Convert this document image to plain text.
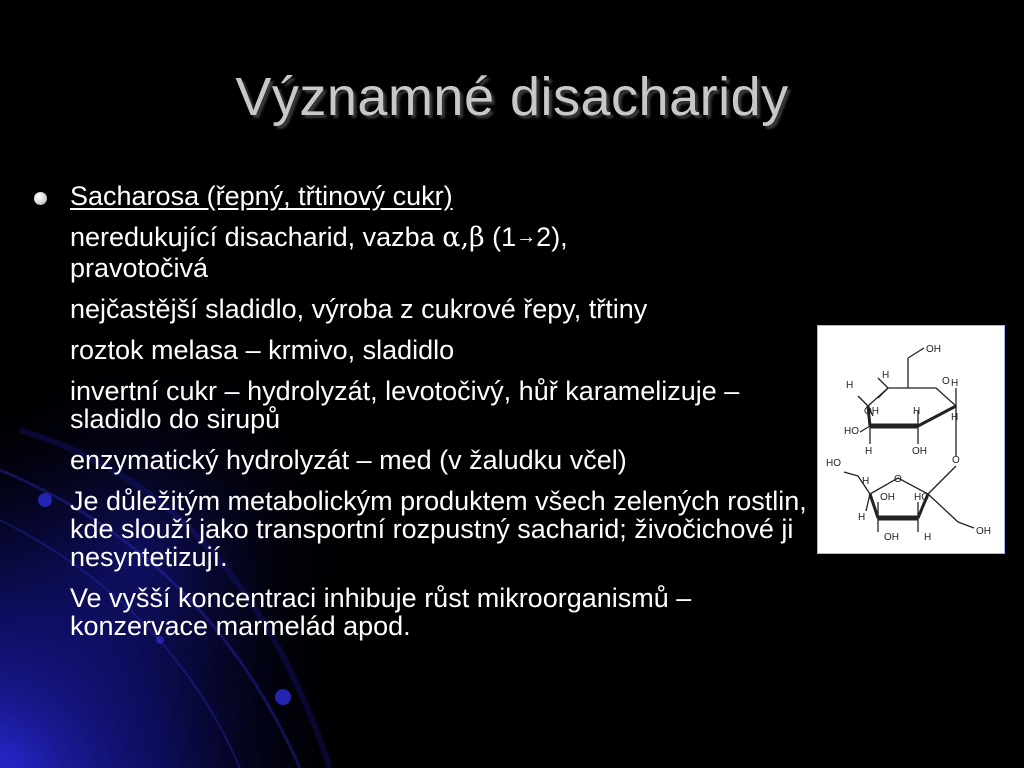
Významné disacharidy
Sacharosa (řepný, třtinový cukr)
neredukující disacharid, vazba α,β (1→2),
pravotočivá
nejčastější sladidlo, výroba z cukrové řepy, třtiny
roztok melasa – krmivo, sladidlo
invertní cukr – hydrolyzát, levotočivý, hůř karamelizuje – sladidlo do sirupů
enzymatický hydrolyzát – med (v žaludku včel)
Je důležitým metabolickým produktem všech zelených rostlin, kde slouží jako transportní rozpustný sacharid; živočichové ji nesyntetizují.
Ve vyšší koncentraci inhibuje růst mikroorganismů – konzervace marmelád apod.
OH
O H
H
OH
H
H
OH
HO
H
H
O
O
HO
H
OH HO
H
OH	H
OH
